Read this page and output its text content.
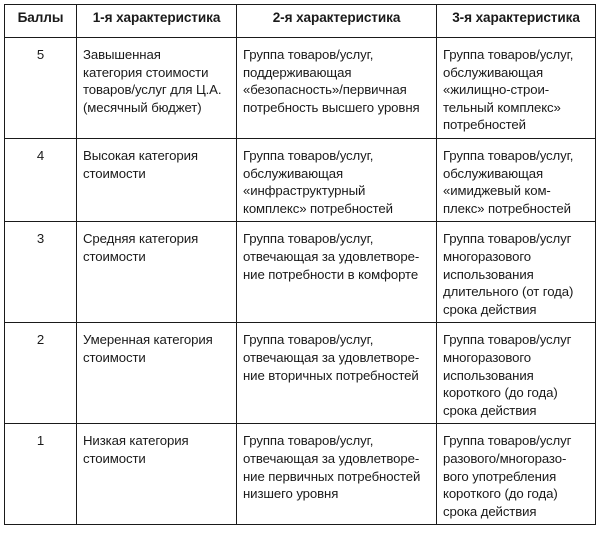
Баллы	1-я характеристика	2-я характеристика	3-я характеристика
5	Завышенная
категория стоимости
товаров/услуг для Ц.А.
(месячный бюджет)	Группа товаров/услуг,
поддерживающая
«безопасность»/первичная
потребность высшего уровня	Группа товаров/услуг,
обслуживающая
«жилищно-строи-
тельный комплекс»
потребностей
4	Высокая категория
стоимости	Группа товаров/услуг,
обслуживающая
«инфраструктурный
комплекс» потребностей	Группа товаров/услуг,
обслуживающая
«имиджевый ком-
плекс» потребностей
3	Средняя категория
стоимости	Группа товаров/услуг,
отвечающая за удовлетворе-
ние потребности в комфорте	Группа товаров/услуг
многоразового
использования
длительного (от года)
срока действия
2	Умеренная категория
стоимости	Группа товаров/услуг,
отвечающая за удовлетворе-
ние вторичных потребностей	Группа товаров/услуг
многоразового
использования
короткого (до года)
срока действия
1	Низкая категория
стоимости	Группа товаров/услуг,
отвечающая за удовлетворе-
ние первичных потребностей
низшего уровня	Группа товаров/услуг
разового/многоразо-
вого употребления
короткого (до года)
срока действия
